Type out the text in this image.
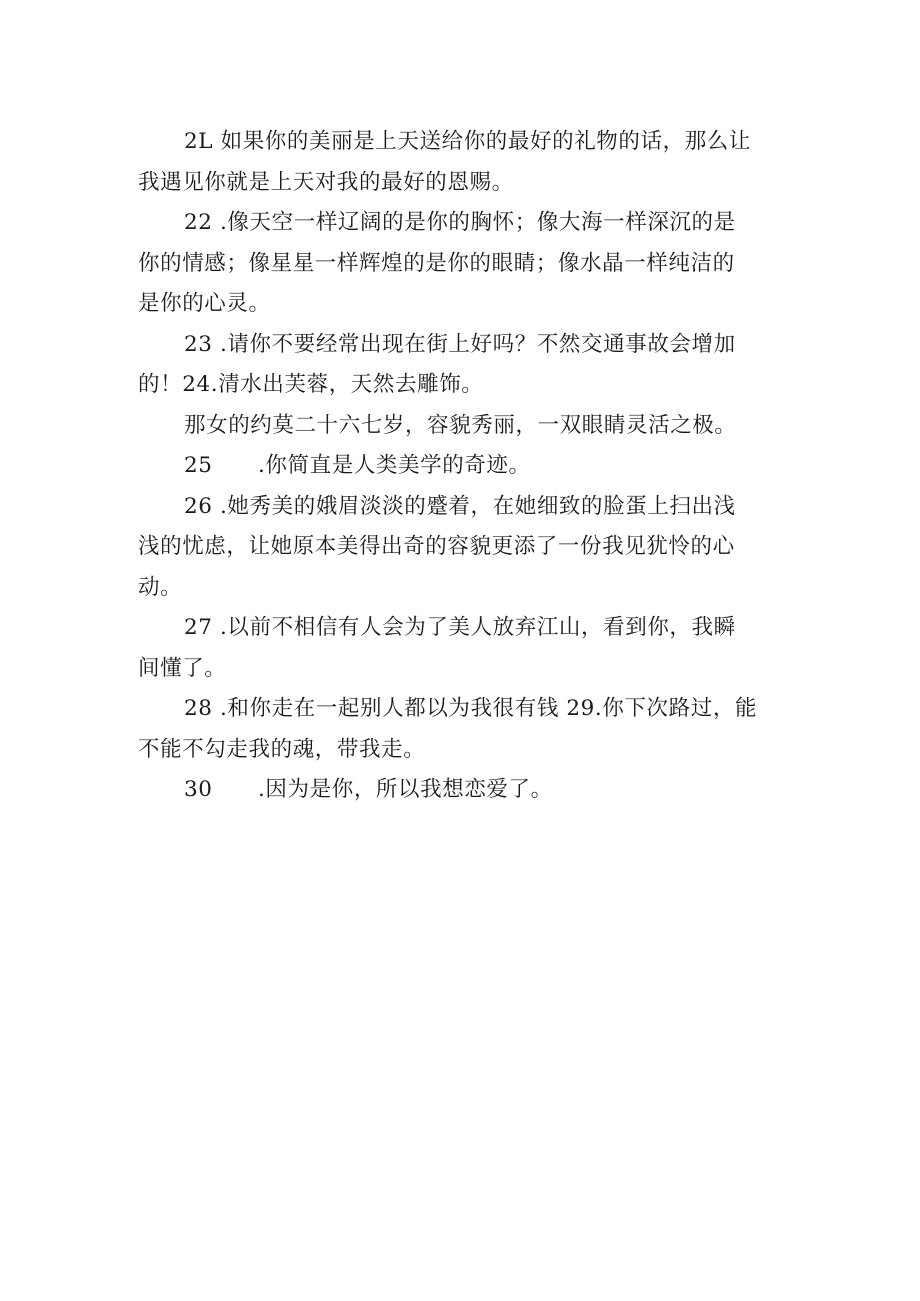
2L 如果你的美丽是上天送给你的最好的礼物的话，那么让
我遇见你就是上天对我的最好的恩赐。
22 .像天空一样辽阔的是你的胸怀；像大海一样深沉的是
你的情感；像星星一样辉煌的是你的眼睛；像水晶一样纯洁的
是你的心灵。
23 .请你不要经常出现在街上好吗？不然交通事故会增加
的！24.清水出芙蓉，天然去雕饰。
那女的约莫二十六七岁，容貌秀丽，一双眼睛灵活之极。
25 .你简直是人类美学的奇迹。
26 .她秀美的娥眉淡淡的蹙着，在她细致的脸蛋上扫出浅
浅的忧虑，让她原本美得出奇的容貌更添了一份我见犹怜的心
动。
27 .以前不相信有人会为了美人放弃江山，看到你，我瞬
间懂了。
28 .和你走在一起别人都以为我很有钱 29.你下次路过，能
不能不勾走我的魂，带我走。
30 .因为是你，所以我想恋爱了。
